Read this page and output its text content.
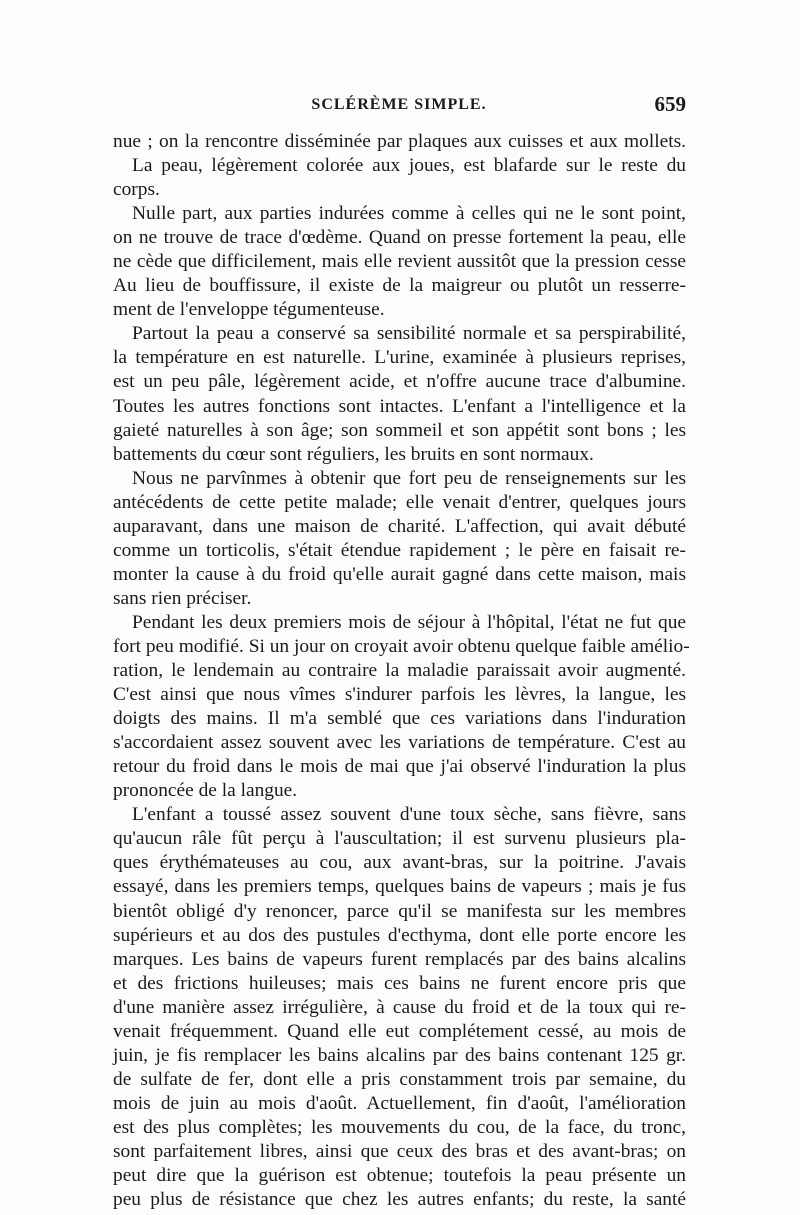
SCLÉRÈME SIMPLE.	659
nue ; on la rencontre disséminée par plaques aux cuisses et aux mollets.
La peau, légèrement colorée aux joues, est blafarde sur le reste du
corps.
Nulle part, aux parties indurées comme à celles qui ne le sont point,
on ne trouve de trace d'œdème. Quand on presse fortement la peau, elle
ne cède que difficilement, mais elle revient aussitôt que la pression cesse
Au lieu de bouffissure, il existe de la maigreur ou plutôt un resserre-
ment de l'enveloppe tégumenteuse.
Partout la peau a conservé sa sensibilité normale et sa perspirabilité,
la température en est naturelle. L'urine, examinée à plusieurs reprises,
est un peu pâle, légèrement acide, et n'offre aucune trace d'albumine.
Toutes les autres fonctions sont intactes. L'enfant a l'intelligence et la
gaieté naturelles à son âge; son sommeil et son appétit sont bons ; les
battements du cœur sont réguliers, les bruits en sont normaux.
Nous ne parvînmes à obtenir que fort peu de renseignements sur les
antécédents de cette petite malade; elle venait d'entrer, quelques jours
auparavant, dans une maison de charité. L'affection, qui avait débuté
comme un torticolis, s'était étendue rapidement ; le père en faisait re-
monter la cause à du froid qu'elle aurait gagné dans cette maison, mais
sans rien préciser.
Pendant les deux premiers mois de séjour à l'hôpital, l'état ne fut que
fort peu modifié. Si un jour on croyait avoir obtenu quelque faible amélio-
ration, le lendemain au contraire la maladie paraissait avoir augmenté.
C'est ainsi que nous vîmes s'indurer parfois les lèvres, la langue, les
doigts des mains. Il m'a semblé que ces variations dans l'induration
s'accordaient assez souvent avec les variations de température. C'est au
retour du froid dans le mois de mai que j'ai observé l'induration la plus
prononcée de la langue.
L'enfant a toussé assez souvent d'une toux sèche, sans fièvre, sans
qu'aucun râle fût perçu à l'auscultation; il est survenu plusieurs pla-
ques érythémateuses au cou, aux avant-bras, sur la poitrine. J'avais
essayé, dans les premiers temps, quelques bains de vapeurs ; mais je fus
bientôt obligé d'y renoncer, parce qu'il se manifesta sur les membres
supérieurs et au dos des pustules d'ecthyma, dont elle porte encore les
marques. Les bains de vapeurs furent remplacés par des bains alcalins
et des frictions huileuses; mais ces bains ne furent encore pris que
d'une manière assez irrégulière, à cause du froid et de la toux qui re-
venait fréquemment. Quand elle eut complétement cessé, au mois de
juin, je fis remplacer les bains alcalins par des bains contenant 125 gr.
de sulfate de fer, dont elle a pris constamment trois par semaine, du
mois de juin au mois d'août. Actuellement, fin d'août, l'amélioration
est des plus complètes; les mouvements du cou, de la face, du tronc,
sont parfaitement libres, ainsi que ceux des bras et des avant-bras; on
peut dire que la guérison est obtenue; toutefois la peau présente un
peu plus de résistance que chez les autres enfants; du reste, la santé
